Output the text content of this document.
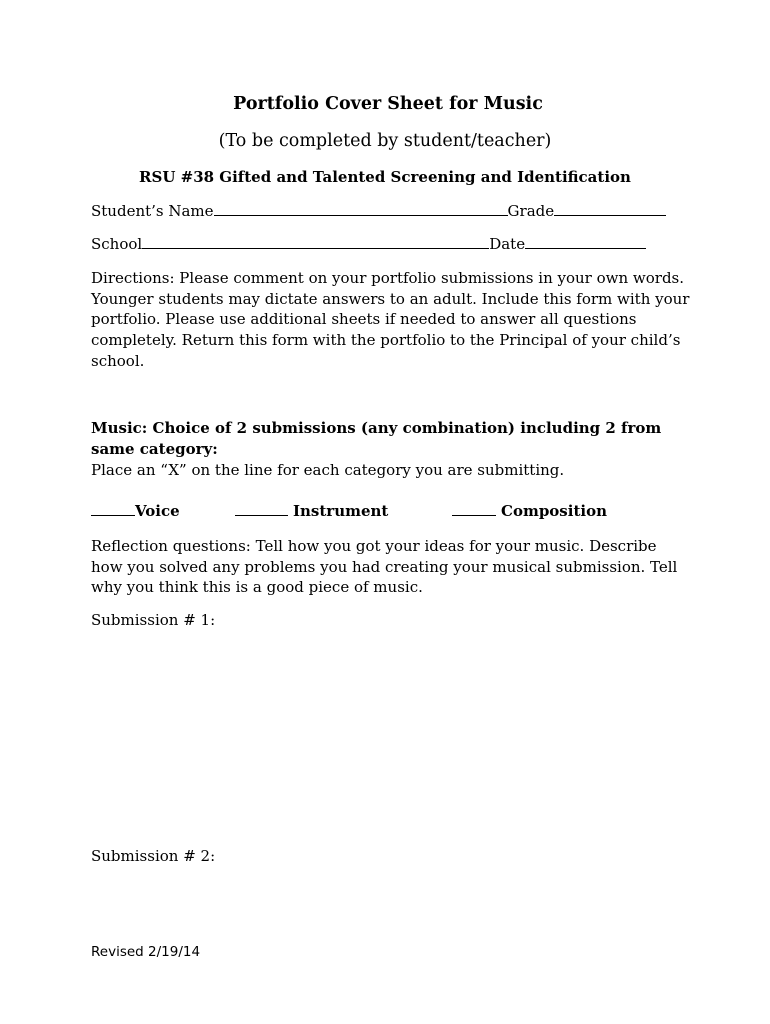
Portfolio Cover Sheet for Music
(To be completed by student/teacher)
RSU #38 Gifted and Talented Screening and Identification
Student’s Name	Grade
School	Date
Directions: Please comment on your portfolio submissions in your own words. Younger students may dictate answers to an adult. Include this form with your portfolio. Please use additional sheets if needed to answer all questions completely. Return this form with the portfolio to the Principal of your child’s school.
Music: Choice of 2 submissions (any combination) including 2 from same category:
Place an “X” on the line for each category you are submitting.
Voice	Instrument	Composition
Reflection questions: Tell how you got your ideas for your music. Describe how you solved any problems you had creating your musical submission. Tell why you think this is a good piece of music.
Submission # 1:
Submission # 2:
Revised 2/19/14
